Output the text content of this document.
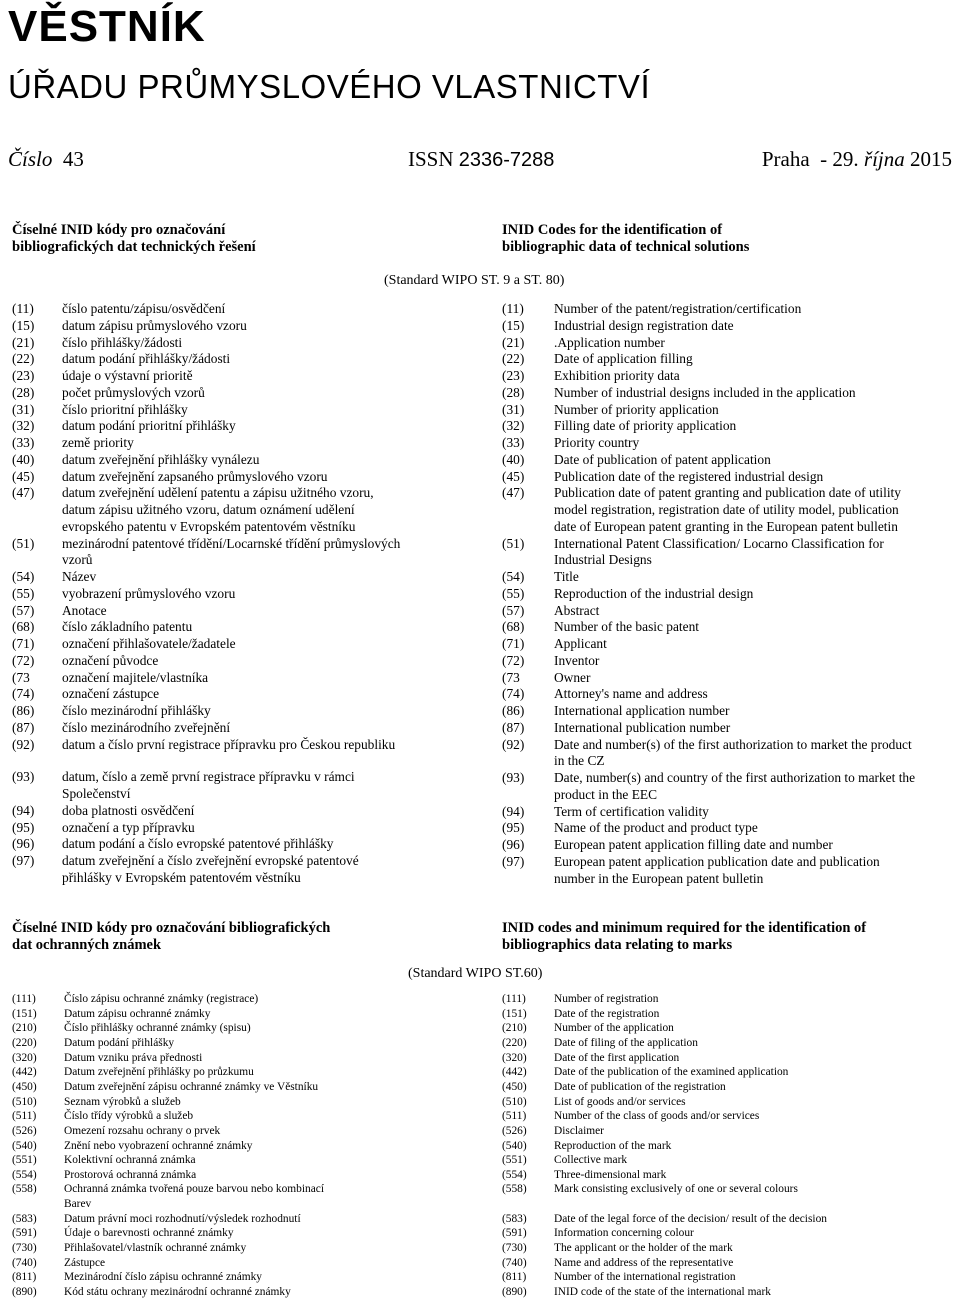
VĚSTNÍK
ÚŘADU PRŮMYSLOVÉHO VLASTNICTVÍ
Číslo 43	ISSN 2336-7288	Praha - 29. října 2015
Číselné INID kódy pro označování
bibliografických dat technických řešení
INID Codes for the identification of
bibliographic data of technical solutions
(Standard WIPO ST. 9 a ST. 80)
(11) číslo patentu/zápisu/osvědčení
(15) datum zápisu průmyslového vzoru
(21) číslo přihlášky/žádosti
(22) datum podání přihlášky/žádosti
(23) údaje o výstavní prioritě
(28) počet průmyslových vzorů
(31) číslo prioritní přihlášky
(32) datum podání prioritní přihlášky
(33) země priority
(40) datum zveřejnění přihlášky vynálezu
(45) datum zveřejnění zapsaného průmyslového vzoru
(47) datum zveřejnění udělení patentu a zápisu užitného vzoru,
datum zápisu užitného vzoru, datum oznámení udělení
evropského patentu v Evropském patentovém věstníku
(51) mezinárodní patentové třídění/Locarnské třídění průmyslových
vzorů
(54) Název
(55) vyobrazení průmyslového vzoru
(57) Anotace
(68) číslo základního patentu
(71) označení přihlašovatele/žadatele
(72) označení původce
(73 označení majitele/vlastníka
(74) označení zástupce
(86) číslo mezinárodní přihlášky
(87) číslo mezinárodního zveřejnění
(92) datum a číslo první registrace přípravku pro Českou republiku
(93) datum, číslo a země první registrace přípravku v rámci
Společenství
(94) doba platnosti osvědčení
(95) označení a typ přípravku
(96) datum podání a číslo evropské patentové přihlášky
(97) datum zveřejnění a číslo zveřejnění evropské patentové
přihlášky v Evropském patentovém věstníku
(11) Number of the patent/registration/certification
(15) Industrial design registration date
(21) .Application number
(22) Date of application filling
(23) Exhibition priority data
(28) Number of industrial designs included in the application
(31) Number of priority application
(32) Filling date of priority application
(33) Priority country
(40) Date of publication of patent application
(45) Publication date of the registered industrial design
(47) Publication date of patent granting and publication date of utility
model registration, registration date of utility model, publication
date of European patent granting in the European patent bulletin
(51) International Patent Classification/ Locarno Classification for
Industrial Designs
(54) Title
(55) Reproduction of the industrial design
(57) Abstract
(68) Number of the basic patent
(71) Applicant
(72) Inventor
(73	Owner
(74) Attorney's name and address
(86) International application number
(87) International publication number
(92) Date and number(s) of the first authorization to market the product
in the CZ
(93) Date, number(s) and country of the first authorization to market the
product in the EEC
(94) Term of certification validity
(95) Name of the product and product type
(96) European patent application filling date and number
(97) European patent application publication date and publication
number in the European patent bulletin
Číselné INID kódy pro označování bibliografických
dat ochranných známek
INID codes and minimum required for the identification of
bibliographics data relating to marks
(Standard WIPO ST.60)
(111) Číslo zápisu ochranné známky (registrace)
(151) Datum zápisu ochranné známky
(210) Číslo přihlášky ochranné známky (spisu)
(220) Datum podání přihlášky
(320) Datum vzniku práva přednosti
(442) Datum zveřejnění přihlášky po průzkumu
(450) Datum zveřejnění zápisu ochranné známky ve Věstníku
(510) Seznam výrobků a služeb
(511) Číslo třídy výrobků a služeb
(526) Omezení rozsahu ochrany o prvek
(540) Znění nebo vyobrazení ochranné známky
(551) Kolektivní ochranná známka
(554) Prostorová ochranná známka
(558) Ochranná známka tvořená pouze barvou nebo kombinací
Barev
(583) Datum právní moci rozhodnutí/výsledek rozhodnutí
(591) Údaje o barevnosti ochranné známky
(730) Přihlašovatel/vlastník ochranné známky
(740) Zástupce
(811) Mezinárodní číslo zápisu ochranné známky
(890) Kód státu ochrany mezinárodní ochranné známky
(111) Number of registration
(151) Date of the registration
(210) Number of the application
(220) Date of filing of the application
(320) Date of the first application
(442) Date of the publication of the examined application
(450) Date of publication of the registration
(510) List of goods and/or services
(511) Number of the class of goods and/or services
(526) Disclaimer
(540) Reproduction of the mark
(551) Collective mark
(554) Three-dimensional mark
(558) Mark consisting exclusively of one or several colours
(583) Date of the legal force of the decision/ result of the decision
(591) Information concerning colour
(730) The applicant or the holder of the mark
(740) Name and address of the representative
(811) Number of the international registration
(890) INID code of the state of the international mark
